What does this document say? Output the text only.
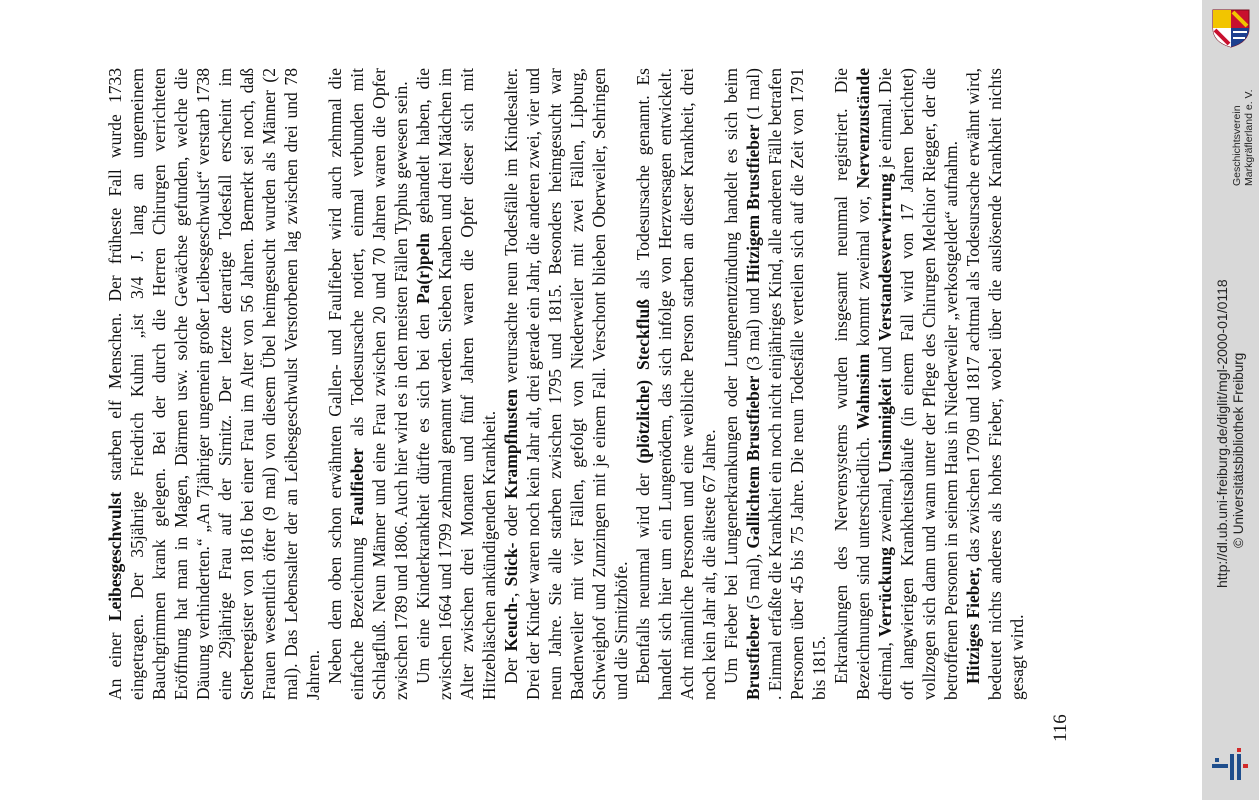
116

An einer Leibesgeschwulst starben elf Menschen. Der früheste Fall wurde 1733 eingetragen. Der 35jährige Friedrich Kuhni „ist 3/4 J. lang an ungemeinem Bauchgrimmen krank gelegen. Bei der durch die Herren Chirurgen verrichteten Eröffnung hat man in Magen, Därmen usw. solche Gewächse gefunden, welche die Däuung verhinderten.“ „An 7jähriger ungemein großer Leibesgeschwulst“ verstarb 1738 eine 29jährige Frau auf der Sirnitz. Der letzte derartige Todesfall erscheint im Sterberegister von 1816 bei einer Frau im Alter von 56 Jahren. Bemerkt sei noch, daß Frauen wesentlich öfter (9 mal) von diesem Übel heimgesucht wurden als Männer (2 mal). Das Lebensalter der an Leibesgeschwulst Verstorbenen lag zwischen drei und 78 Jahren. Neben dem oben schon erwähnten Gallen- und Faulfieber wird auch zehnmal die einfache Bezeichnung Faulfieber als Todesursache notiert, einmal verbunden mit Schlagfluß. Neun Männer und eine Frau zwischen 20 und 70 Jahren waren die Opfer zwischen 1789 und 1806. Auch hier wird es in den meisten Fällen Typhus gewesen sein. Um eine Kinderkrankheit dürfte es sich bei den Pa(r)peln gehandelt haben, die zwischen 1664 und 1799 zehnmal genannt werden. Sieben Knaben und drei Mädchen im Alter zwischen drei Monaten und fünf Jahren waren die Opfer dieser sich mit Hitzebläschen ankündigenden Krankheit. Der Keuch-, Stick- oder Krampfhusten verursachte neun Todesfälle im Kindesalter. Drei der Kinder waren noch kein Jahr alt, drei gerade ein Jahr, die anderen zwei, vier und neun Jahre. Sie alle starben zwischen 1795 und 1815. Besonders heimgesucht war Badenweiler mit vier Fällen, gefolgt von Niederweiler mit zwei Fällen, Lipburg, Schweighof und Zunzingen mit je einem Fall. Verschont blieben Oberweiler, Sehringen und die Sirnitzhöfe. Ebenfalls neunmal wird der (plötzliche) Steckfluß als Todesursache genannt. Es handelt sich hier um ein Lungenödem, das sich infolge von Herzversagen entwickelt. Acht männliche Personen und eine weibliche Person starben an dieser Krankheit, drei noch kein Jahr alt, die älteste 67 Jahre. Um Fieber bei Lungenerkrankungen oder Lungenentzündung handelt es sich beim Brustfieber (5 mal), Gallichtem Brustfieber (3 mal) und Hitzigem Brustfieber (1 mal) . Einmal erfaßte die Krankheit ein noch nicht einjähriges Kind, alle anderen Fälle betrafen Personen über 45 bis 75 Jahre. Die neun Todesfälle verteilen sich auf die Zeit von 1791 bis 1815. Erkrankungen des Nervensystems wurden insgesamt neunmal registriert. Die Bezeichnungen sind unterschiedlich. Wahnsinn kommt zweimal vor, Nervenzustände dreimal, Verrückung zweimal, Unsinnigkeit und Verstandesverwirrung je einmal. Die oft langwierigen Krankheitsabläufe (in einem Fall wird von 17 Jahren berichtet) vollzogen sich dann und wann unter der Pflege des Chirurgen Melchior Riegger, der die betroffenen Personen in seinem Haus in Niederweiler „verkostgeldet“ aufnahm. Hitziges Fieber, das zwischen 1709 und 1817 achtmal als Todesursache erwähnt wird, bedeutet nichts anderes als hohes Fieber, wobei über die auslösende Krankheit nichts gesagt wird.

http://dl.ub.uni-freiburg.de/diglit/mgl-2000-01/0118 © Universitätsbibliothek Freiburg
Geschichtsverein Markgräflerland e. V.
